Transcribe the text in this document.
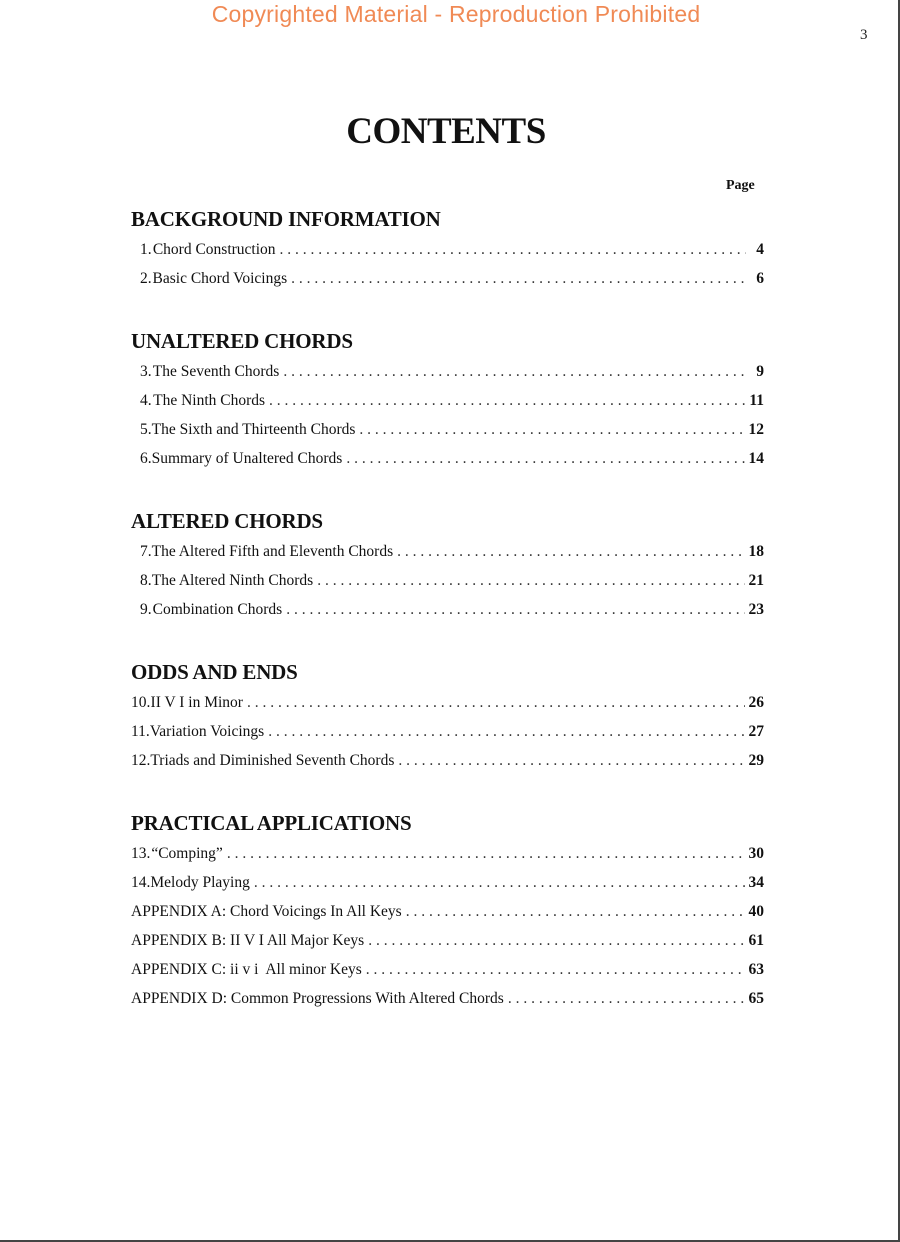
Copyrighted Material - Reproduction Prohibited
3
CONTENTS
Page
BACKGROUND INFORMATION
1. Chord Construction . . .	4
2. Basic Chord Voicings . . .	6
UNALTERED CHORDS
3. The Seventh Chords . . .	9
4. The Ninth Chords . . .	11
5. The Sixth and Thirteenth Chords . . .	12
6. Summary of Unaltered Chords . . .	14
ALTERED CHORDS
7. The Altered Fifth and Eleventh Chords . . .	18
8. The Altered Ninth Chords . . .	21
9. Combination Chords . . .	23
ODDS AND ENDS
10. II V I in Minor . . .	26
11. Variation Voicings . . .	27
12. Triads and Diminished Seventh Chords . . .	29
PRACTICAL APPLICATIONS
13. “Comping” . . .	30
14. Melody Playing . . .	34
APPENDIX A: Chord Voicings In All Keys . . .	40
APPENDIX B: II V I All Major Keys . . .	61
APPENDIX C: ii v i  All minor Keys . . .	63
APPENDIX D: Common Progressions With Altered Chords . . .	65
